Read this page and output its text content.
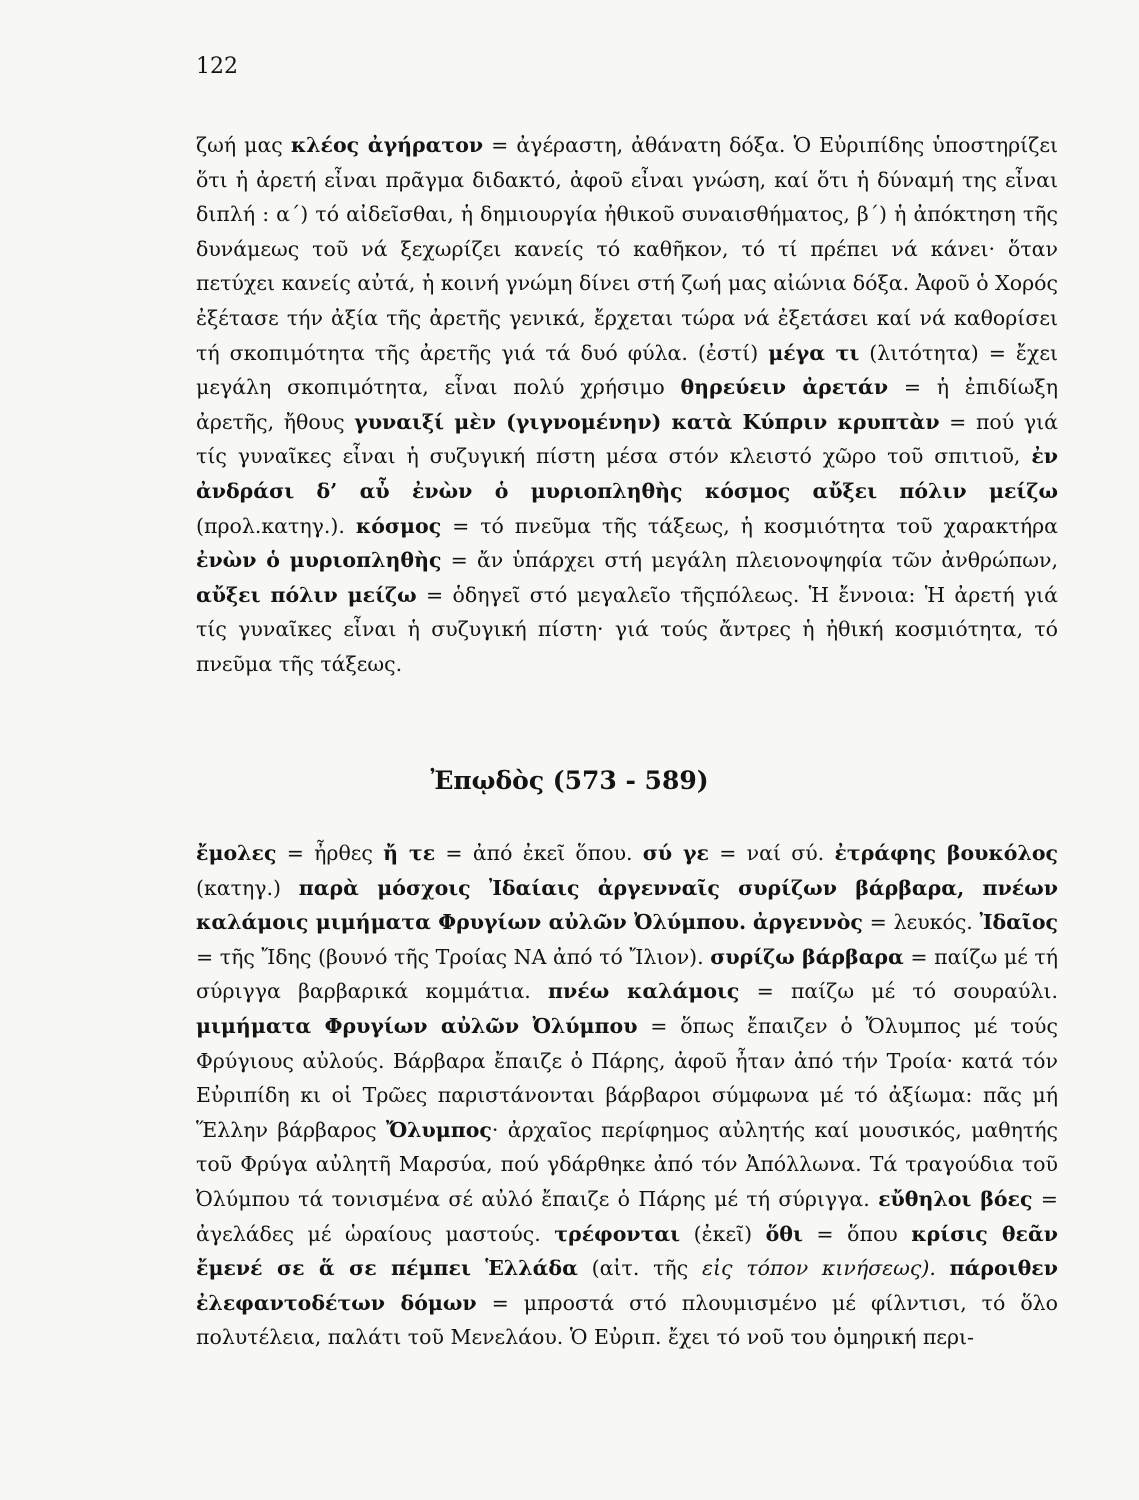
122
ζωή μας κλέος ἀγήρατον = ἀγέραστη, ἀθάνατη δόξα. Ὁ Εὐριπίδης ὑποστηρίζει ὅτι ἡ ἀρετή εἶναι πρᾶγμα διδακτό, ἀφοῦ εἶναι γνώση, καί ὅτι ἡ δύναμή της εἶναι διπλή : α΄) τό αἰδεῖσθαι, ἡ δημιουργία ἠθικοῦ συναισθήματος, β΄) ἡ ἀπόκτηση τῆς δυνάμεως τοῦ νά ξεχωρίζει κανείς τό καθῆκον, τό τί πρέπει νά κάνει· ὅταν πετύχει κανείς αὐτά, ἡ κοινή γνώμη δίνει στή ζωή μας αἰώνια δόξα. Ἀφοῦ ὁ Χορός ἐξέτασε τήν ἀξία τῆς ἀρετῆς γενικά, ἔρχεται τώρα νά ἐξετάσει καί νά καθορίσει τή σκοπιμότητα τῆς ἀρετῆς γιά τά δυό φύλα. (ἐστί) μέγα τι (λιτότητα) = ἔχει μεγάλη σκοπιμότητα, εἶναι πολύ χρήσιμο θηρεύειν ἀρετάν = ἡ ἐπιδίωξη ἀρετῆς, ἤθους γυναιξί μὲν (γιγνομένην) κατὰ Κύπριν κρυπτὰν = πού γιά τίς γυναῖκες εἶναι ἡ συζυγική πίστη μέσα στόν κλειστό χῶρο τοῦ σπιτιοῦ, ἐν ἀνδράσι δ’ αὖ ἐνὼν ὁ μυριοπληθὴς κόσμος αὔξει πόλιν μείζω (προλ.κατηγ.). κόσμος = τό πνεῦμα τῆς τάξεως, ἡ κοσμιότητα τοῦ χαρακτήρα ἐνὼν ὁ μυριοπληθὴς = ἄν ὑπάρχει στή μεγάλη πλειονοψηφία τῶν ἀνθρώπων, αὔξει πόλιν μείζω = ὁδηγεῖ στό μεγαλεῖο τῆςπόλεως. Ἡ ἔννοια: Ἡ ἀρετή γιά τίς γυναῖκες εἶναι ἡ συζυγική πίστη· γιά τούς ἄντρες ἡ ἠθική κοσμιότητα, τό πνεῦμα τῆς τάξεως.
Ἐπῳδὸς (573 - 589)
ἔμολες = ἦρθες ἤ τε = ἀπό ἐκεῖ ὅπου. σύ γε = ναί σύ. ἐτράφης βουκόλος (κατηγ.) παρὰ μόσχοις Ἰδαίαις ἀργενναῖς συρίζων βάρβαρα, πνέων καλάμοις μιμήματα Φρυγίων αὐλῶν Ὀλύμπου. ἀργεννὸς = λευκός. Ἰδαῖος = τῆς Ἴδης (βουνό τῆς Τροίας ΝΑ ἀπό τό Ἴλιον). συρίζω βάρβαρα = παίζω μέ τή σύριγγα βαρβαρικά κομμάτια. πνέω καλάμοις = παίζω μέ τό σουραύλι. μιμήματα Φρυγίων αὐλῶν Ὀλύμπου = ὅπως ἔπαιζεν ὁ Ὄλυμπος μέ τούς Φρύγιους αὐλούς. Βάρβαρα ἔπαιζε ὁ Πάρης, ἀφοῦ ἦταν ἀπό τήν Τροία· κατά τόν Εὐριπίδη κι οἱ Τρῶες παριστάνονται βάρβαροι σύμφωνα μέ τό ἀξίωμα: πᾶς μή Ἕλλην βάρβαρος Ὄλυμπος· ἀρχαῖος περίφημος αὐλητής καί μουσικός, μαθητής τοῦ Φρύγα αὐλητῆ Μαρσύα, πού γδάρθηκε ἀπό τόν Ἀπόλλωνα. Τά τραγούδια τοῦ Ὀλύμπου τά τονισμένα σέ αὐλό ἔπαιζε ὁ Πάρης μέ τή σύριγγα. εὔθηλοι βόες = ἀγελάδες μέ ὡραίους μαστούς. τρέφονται (ἐκεῖ) ὅθι = ὅπου κρίσις θεᾶν ἔμενέ σε ἅ σε πέμπει Ἑλλάδα (αἰτ. τῆς εἰς τόπον κινήσεως). πάροιθεν ἐλεφαντοδέτων δόμων = μπροστά στό πλουμισμένο μέ φίλντισι, τό ὅλο πολυτέλεια, παλάτι τοῦ Μενελάου. Ὁ Εὐριπ. ἔχει τό νοῦ του ὁμηρική περι-
